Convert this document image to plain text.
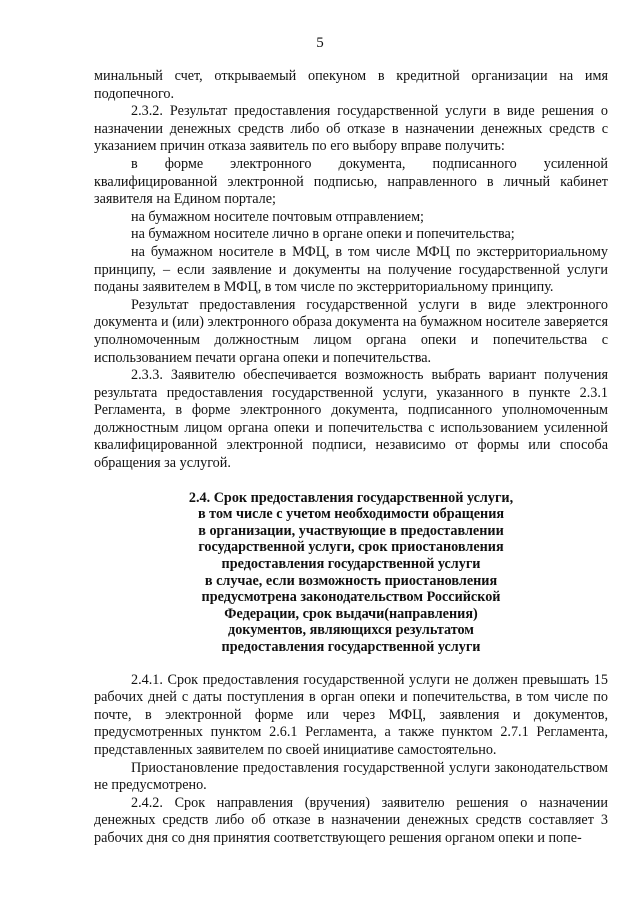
5

минальный счет, открываемый опекуном в кредитной организации на имя подопечного.

2.3.2. Результат предоставления государственной услуги в виде решения о назначении денежных средств либо об отказе в назначении денежных средств с указанием причин отказа заявитель по его выбору вправе получить:

в форме электронного документа, подписанного усиленной квалифицированной электронной подписью, направленного в личный кабинет заявителя на Едином портале;

на бумажном носителе почтовым отправлением;

на бумажном носителе лично в органе опеки и попечительства;

на бумажном носителе в МФЦ, в том числе МФЦ по экстерриториальному принципу, – если заявление и документы на получение государственной услуги поданы заявителем в МФЦ, в том числе по экстерриториальному принципу.

Результат предоставления государственной услуги в виде электронного документа и (или) электронного образа документа на бумажном носителе заверяется уполномоченным должностным лицом органа опеки и попечительства с использованием печати органа опеки и попечительства.

2.3.3. Заявителю обеспечивается возможность выбрать вариант получения результата предоставления государственной услуги, указанного в пункте 2.3.1 Регламента, в форме электронного документа, подписанного уполномоченным должностным лицом органа опеки и попечительства с использованием усиленной квалифицированной электронной подписи, независимо от формы или способа обращения за услугой.

2.4. Срок предоставления государственной услуги,
в том числе с учетом необходимости обращения
в организации, участвующие в предоставлении
государственной услуги, срок приостановления
предоставления государственной услуги
в случае, если возможность приостановления
предусмотрена законодательством Российской
Федерации, срок выдачи(направления)
документов, являющихся результатом
предоставления государственной услуги

2.4.1. Срок предоставления государственной услуги не должен превышать 15 рабочих дней с даты поступления в орган опеки и попечительства, в том числе по почте, в электронной форме или через МФЦ, заявления и документов, предусмотренных пунктом 2.6.1 Регламента, а также пунктом 2.7.1 Регламента, представленных заявителем по своей инициативе самостоятельно.

Приостановление предоставления государственной услуги законодательством не предусмотрено.

2.4.2. Срок направления (вручения) заявителю решения о назначении денежных средств либо об отказе в назначении денежных средств составляет 3 рабочих дня со дня принятия соответствующего решения органом опеки и попе-
